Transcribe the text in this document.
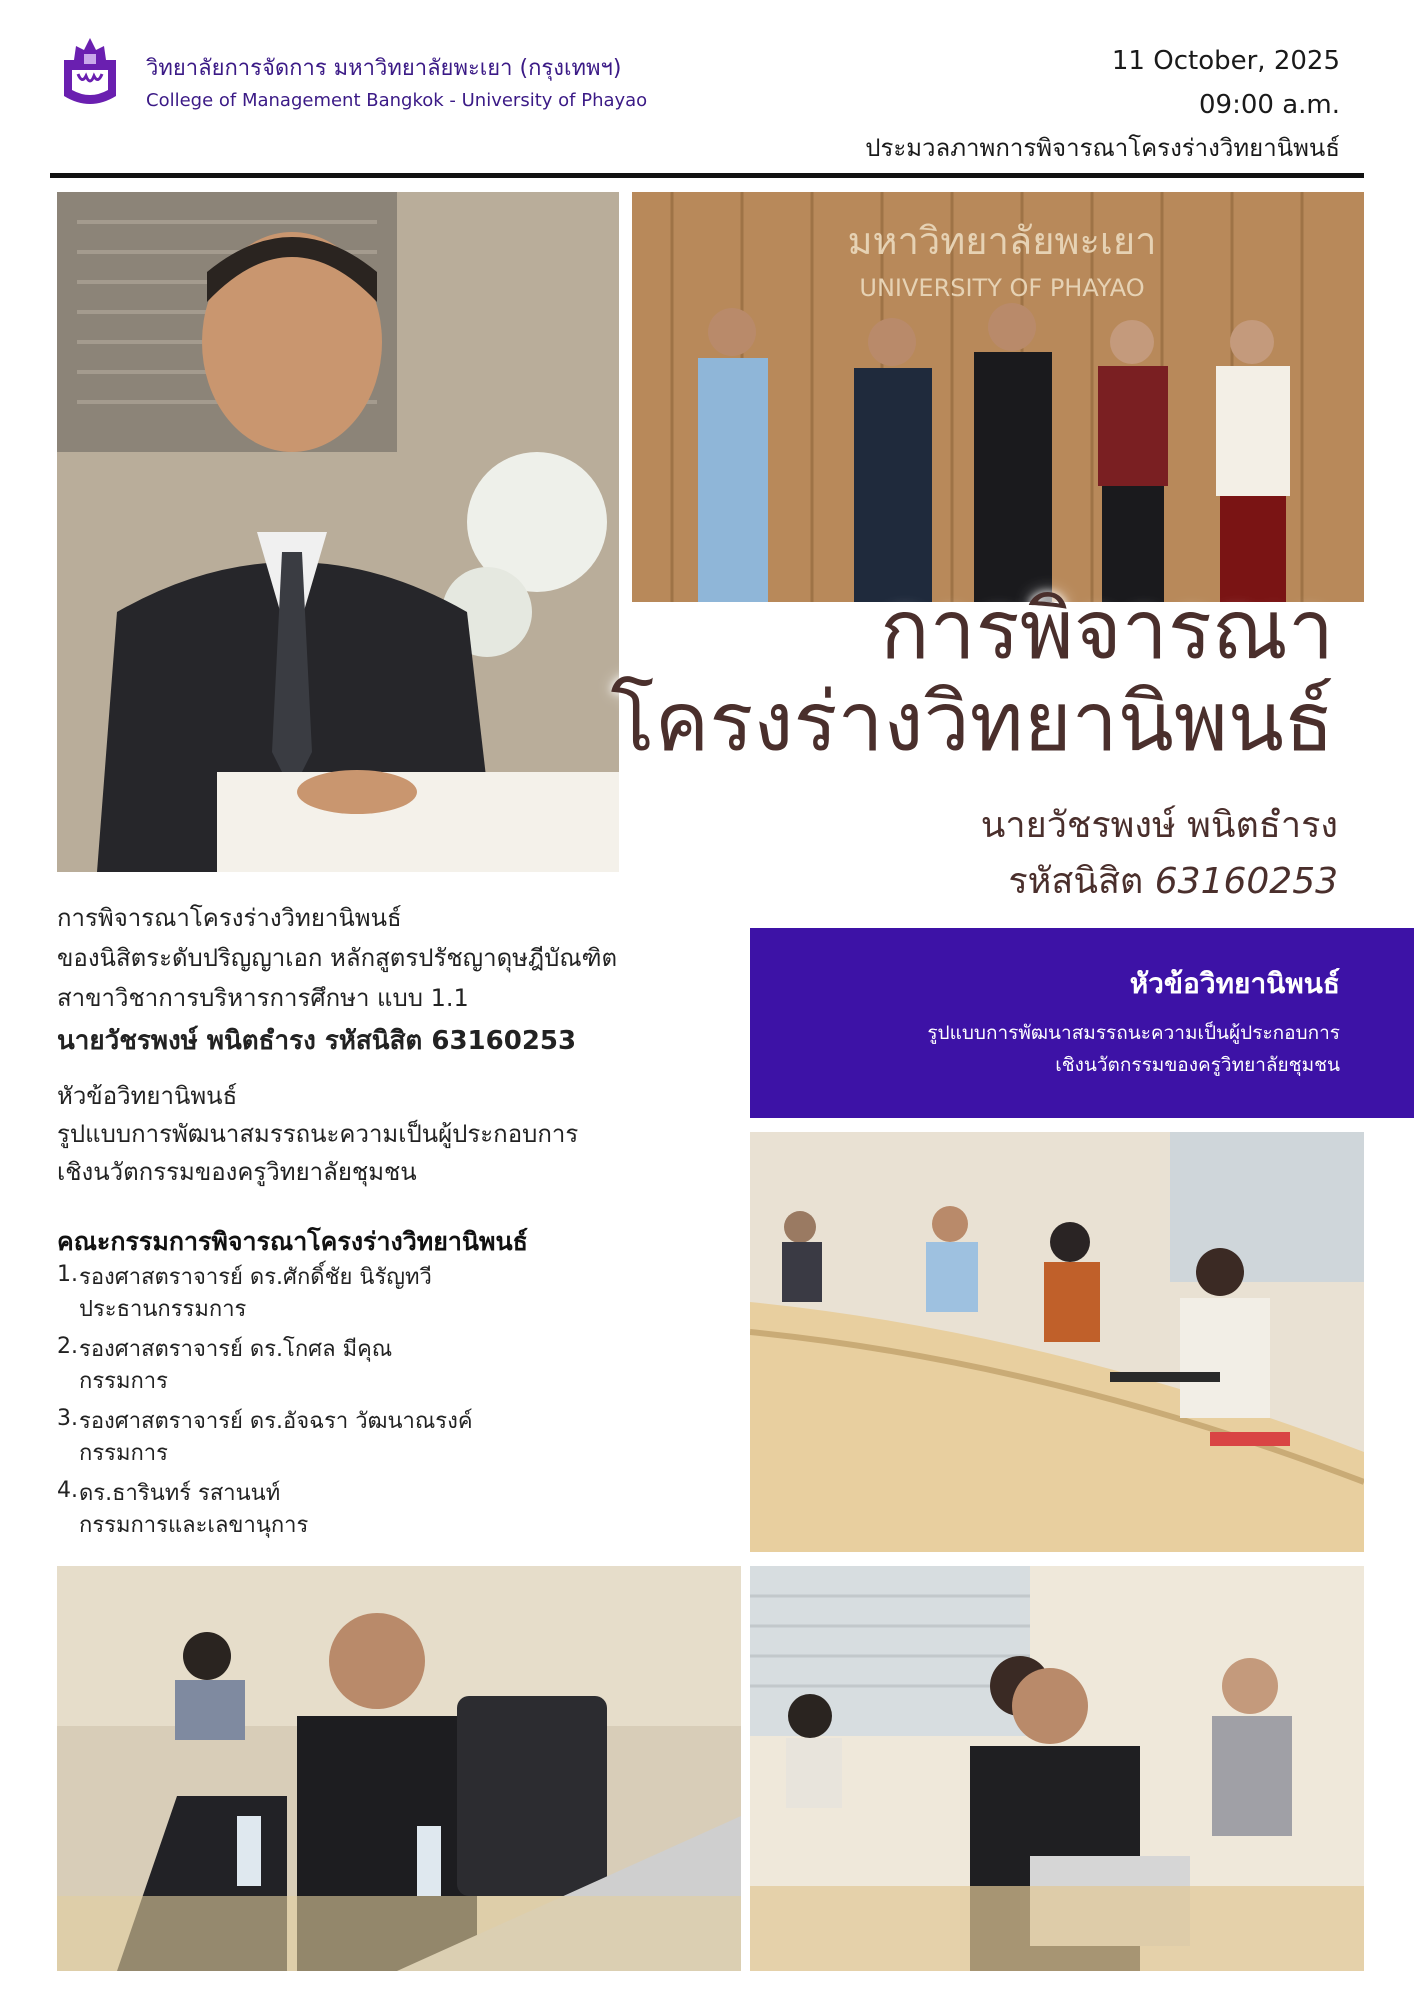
วิทยาลัยการจัดการ มหาวิทยาลัยพะเยา (กรุงเทพฯ)
College of Management Bangkok - University of Phayao
11 October, 2025
09:00 a.m.
ประมวลภาพการพิจารณาโครงร่างวิทยานิพนธ์
มหาวิทยาลัยพะเยา
UNIVERSITY OF PHAYAO
การพิจารณา
โครงร่างวิทยานิพนธ์
นายวัชรพงษ์ พนิตธำรง
รหัสนิสิต 63160253
การพิจารณาโครงร่างวิทยานิพนธ์
ของนิสิตระดับปริญญาเอก หลักสูตรปรัชญาดุษฎีบัณฑิต
สาขาวิชาการบริหารการศึกษา แบบ 1.1
นายวัชรพงษ์ พนิตธำรง รหัสนิสิต 63160253
หัวข้อวิทยานิพนธ์
รูปแบบการพัฒนาสมรรถนะความเป็นผู้ประกอบการ
เชิงนวัตกรรมของครูวิทยาลัยชุมชน
คณะกรรมการพิจารณาโครงร่างวิทยานิพนธ์
1. รองศาสตราจารย์ ดร.ศักดิ์ชัย นิรัญทวี
ประธานกรรมการ
2. รองศาสตราจารย์ ดร.โกศล มีคุณ
กรรมการ
3. รองศาสตราจารย์ ดร.อัจฉรา วัฒนาณรงค์
กรรมการ
4. ดร.ธารินทร์ รสานนท์
กรรมการและเลขานุการ
หัวข้อวิทยานิพนธ์
รูปแบบการพัฒนาสมรรถนะความเป็นผู้ประกอบการ
เชิงนวัตกรรมของครูวิทยาลัยชุมชน
